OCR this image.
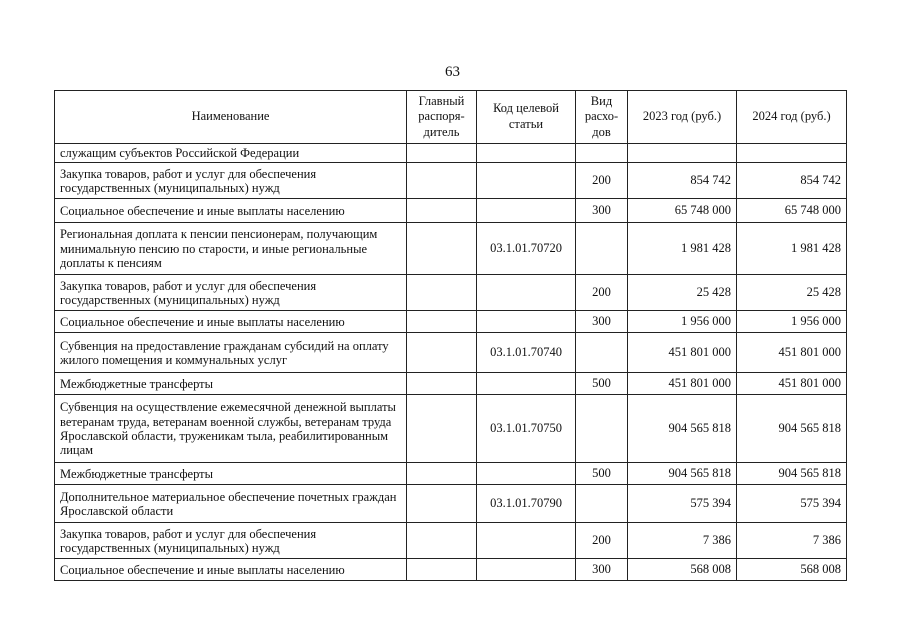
63
Наименование	Главный распоря-дитель	Код целевой статьи	Вид расхо-дов	2023 год (руб.)	2024 год (руб.)
служащим субъектов Российской Федерации					
Закупка товаров, работ и услуг для обеспечения государственных (муниципальных) нужд			200	854 742	854 742
Социальное обеспечение и иные выплаты населению			300	65 748 000	65 748 000
Региональная доплата к пенсии пенсионерам, получающим минимальную пенсию по старости, и иные региональные доплаты к пенсиям		03.1.01.70720		1 981 428	1 981 428
Закупка товаров, работ и услуг для обеспечения государственных (муниципальных) нужд			200	25 428	25 428
Социальное обеспечение и иные выплаты населению			300	1 956 000	1 956 000
Субвенция на предоставление гражданам субсидий на оплату жилого помещения и коммунальных услуг		03.1.01.70740		451 801 000	451 801 000
Межбюджетные трансферты			500	451 801 000	451 801 000
Субвенция на осуществление ежемесячной денежной выплаты ветеранам труда, ветеранам военной службы, ветеранам труда Ярославской области, труженикам тыла, реабилитированным лицам		03.1.01.70750		904 565 818	904 565 818
Межбюджетные трансферты			500	904 565 818	904 565 818
Дополнительное материальное обеспечение почетных граждан Ярославской области		03.1.01.70790		575 394	575 394
Закупка товаров, работ и услуг для обеспечения государственных (муниципальных) нужд			200	7 386	7 386
Социальное обеспечение и иные выплаты населению			300	568 008	568 008
